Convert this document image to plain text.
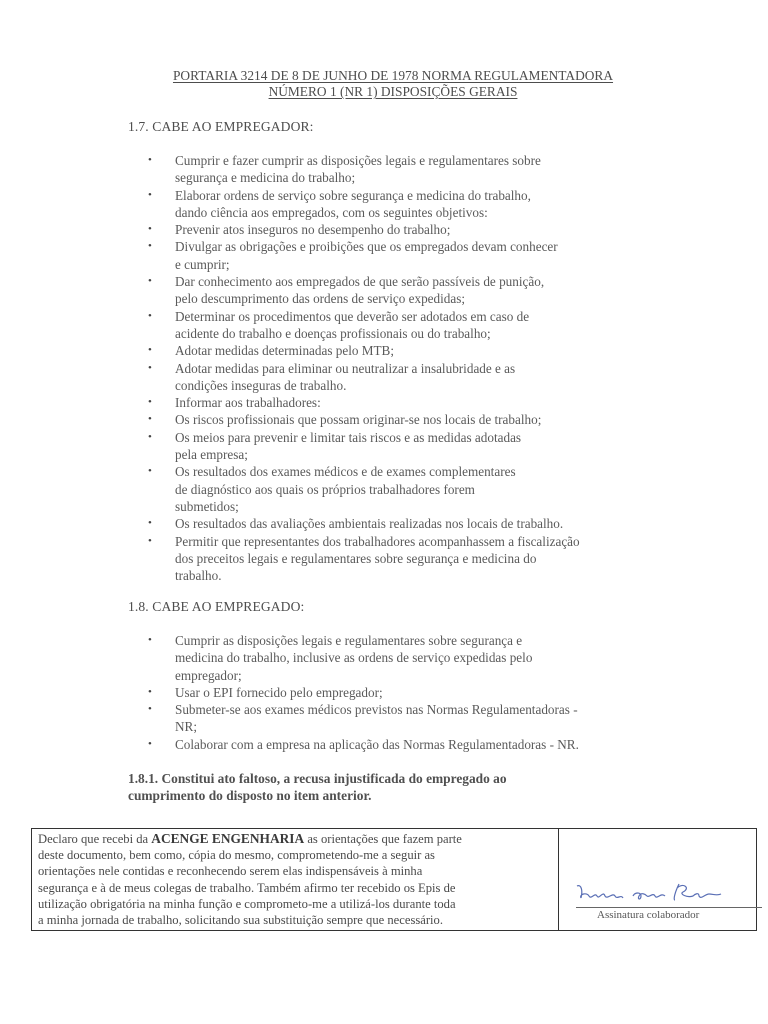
PORTARIA 3214 DE 8 DE JUNHO DE 1978 NORMA REGULAMENTADORA
NÚMERO 1 (NR 1) DISPOSIÇÕES GERAIS
1.7. CABE AO EMPREGADOR:
• Cumprir e fazer cumprir as disposições legais e regulamentares sobre
segurança e medicina do trabalho;
• Elaborar ordens de serviço sobre segurança e medicina do trabalho,
dando ciência aos empregados, com os seguintes objetivos:
• Prevenir atos inseguros no desempenho do trabalho;
• Divulgar as obrigações e proibições que os empregados devam conhecer
e cumprir;
• Dar conhecimento aos empregados de que serão passíveis de punição,
pelo descumprimento das ordens de serviço expedidas;
• Determinar os procedimentos que deverão ser adotados em caso de
acidente do trabalho e doenças profissionais ou do trabalho;
• Adotar medidas determinadas pelo MTB;
• Adotar medidas para eliminar ou neutralizar a insalubridade e as
condições inseguras de trabalho.
• Informar aos trabalhadores:
• Os riscos profissionais que possam originar-se nos locais de trabalho;
• Os meios para prevenir e limitar tais riscos e as medidas adotadas
pela empresa;
• Os resultados dos exames médicos e de exames complementares
de diagnóstico aos quais os próprios trabalhadores forem
submetidos;
• Os resultados das avaliações ambientais realizadas nos locais de trabalho.
• Permitir que representantes dos trabalhadores acompanhassem a fiscalização
dos preceitos legais e regulamentares sobre segurança e medicina do
trabalho.
1.8. CABE AO EMPREGADO:
• Cumprir as disposições legais e regulamentares sobre segurança e
medicina do trabalho, inclusive as ordens de serviço expedidas pelo
empregador;
• Usar o EPI fornecido pelo empregador;
• Submeter-se aos exames médicos previstos nas Normas Regulamentadoras -
NR;
• Colaborar com a empresa na aplicação das Normas Regulamentadoras - NR.
1.8.1. Constitui ato faltoso, a recusa injustificada do empregado ao
cumprimento do disposto no item anterior.
Declaro que recebi da ACENGE ENGENHARIA as orientações que fazem parte
deste documento, bem como, cópia do mesmo, comprometendo-me a seguir as
orientações nele contidas e reconhecendo serem elas indispensáveis à minha
segurança e à de meus colegas de trabalho. Também afirmo ter recebido os Epis de
utilização obrigatória na minha função e comprometo-me a utilizá-los durante toda
a minha jornada de trabalho, solicitando sua substituição sempre que necessário.	Assinatura colaborador
